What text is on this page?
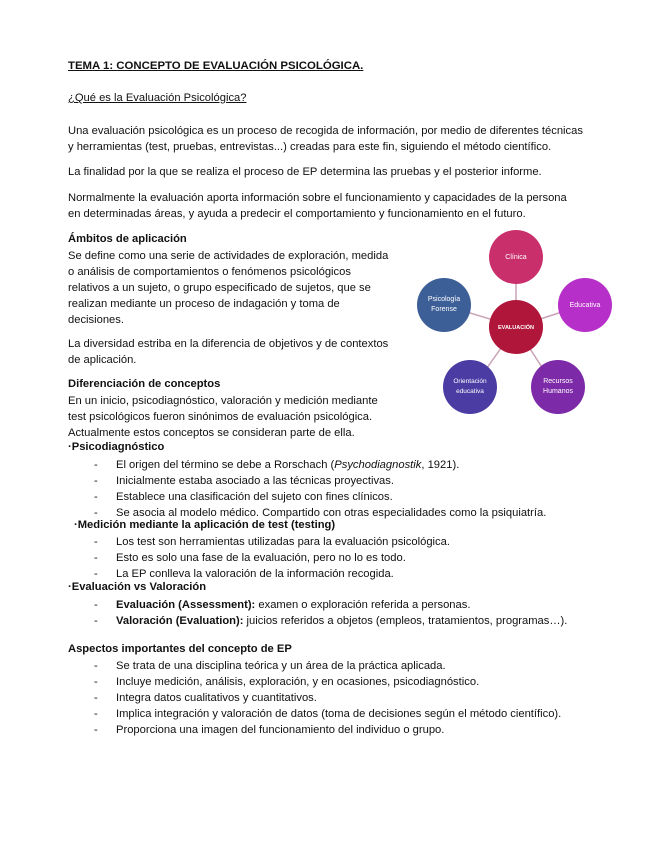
TEMA 1: CONCEPTO DE EVALUACIÓN PSICOLÓGICA.
¿Qué es la Evaluación Psicológica?
Una evaluación psicológica es un proceso de recogida de información, por medio de diferentes técnicas
y herramientas (test, pruebas, entrevistas...) creadas para este fin, siguiendo el método científico.
La finalidad por la que se realiza el proceso de EP determina las pruebas y el posterior informe.
Normalmente la evaluación aporta información sobre el funcionamiento y capacidades de la persona
en determinadas áreas, y ayuda a predecir el comportamiento y funcionamiento en el futuro.
Ámbitos de aplicación
Se define como una serie de actividades de exploración, medida
o análisis de comportamientos o fenómenos psicológicos
relativos a un sujeto, o grupo especificado de sujetos, que se
realizan mediante un proceso de indagación y toma de
decisiones.
La diversidad estriba en la diferencia de objetivos y de contextos
de aplicación.
Clínica
Educativa
Recursos
Humanos
Orientación
educativa
Psicología
Forense
EVALUACIÓN
Diferenciación de conceptos
En un inicio, psicodiagnóstico, valoración y medición mediante
test psicológicos fueron sinónimos de evaluación psicológica.
Actualmente estos conceptos se consideran parte de ella.
·Psicodiagnóstico
- El origen del término se debe a Rorschach (Psychodiagnostik, 1921).
- Inicialmente estaba asociado a las técnicas proyectivas.
- Establece una clasificación del sujeto con fines clínicos.
- Se asocia al modelo médico. Compartido con otras especialidades como la psiquiatría.
·Medición mediante la aplicación de test (testing)
- Los test son herramientas utilizadas para la evaluación psicológica.
- Esto es solo una fase de la evaluación, pero no lo es todo.
- La EP conlleva la valoración de la información recogida.
·Evaluación vs Valoración
- Evaluación (Assessment): examen o exploración referida a personas.
- Valoración (Evaluation): juicios referidos a objetos (empleos, tratamientos, programas…).
Aspectos importantes del concepto de EP
- Se trata de una disciplina teórica y un área de la práctica aplicada.
- Incluye medición, análisis, exploración, y en ocasiones, psicodiagnóstico.
- Integra datos cualitativos y cuantitativos.
- Implica integración y valoración de datos (toma de decisiones según el método científico).
- Proporciona una imagen del funcionamiento del individuo o grupo.
